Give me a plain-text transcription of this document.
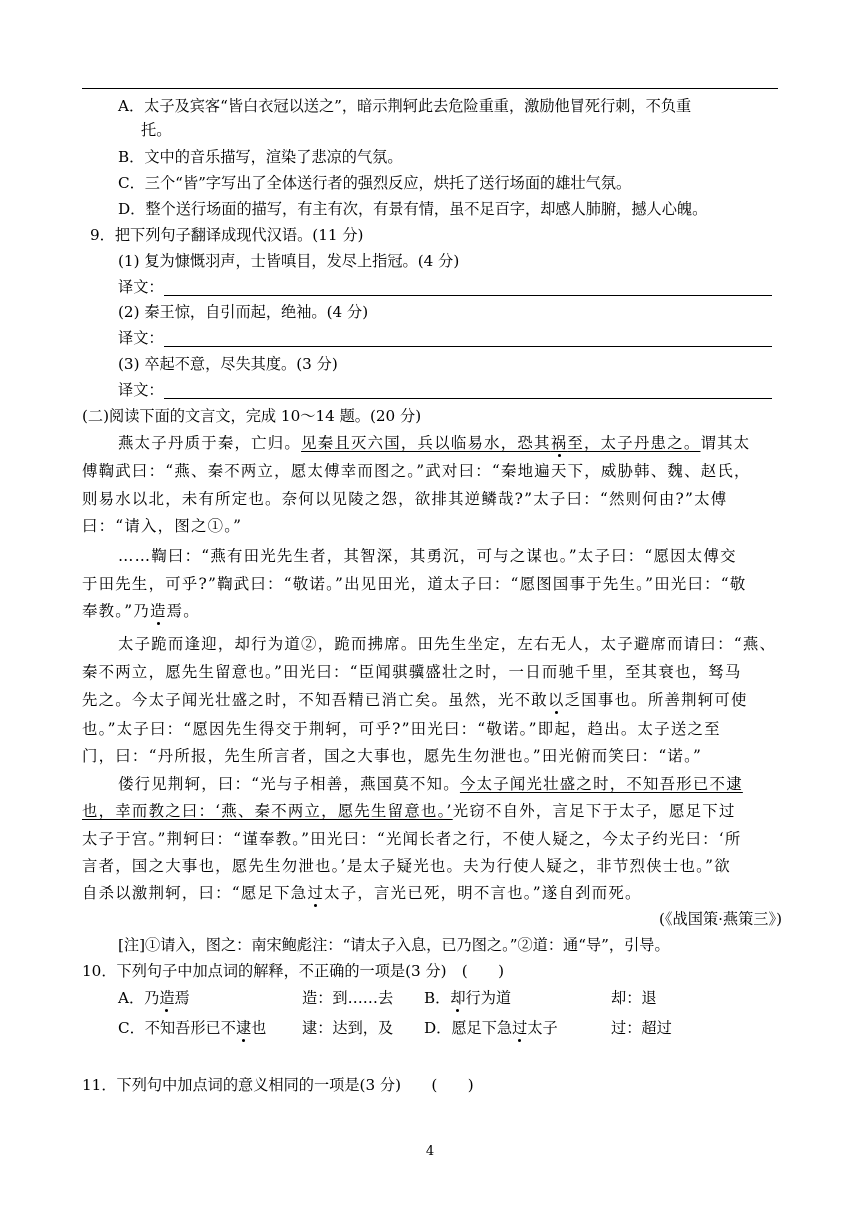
A．太子及宾客“皆白衣冠以送之”，暗示荆轲此去危险重重，激励他冒死行刺，不负重
托。
B．文中的音乐描写，渲染了悲凉的气氛。
C．三个“皆”字写出了全体送行者的强烈反应，烘托了送行场面的雄壮气氛。
D．整个送行场面的描写，有主有次，有景有情，虽不足百字，却感人肺腑，撼人心魄。
9．把下列句子翻译成现代汉语。(11 分)
(1) 复为慷慨羽声，士皆嗔目，发尽上指冠。(4 分)
译文：
(2) 秦王惊，自引而起，绝袖。(4 分)
译文：
(3) 卒起不意，尽失其度。(3 分)
译文：
(二)阅读下面的文言文，完成 10～14 题。(20 分)
燕太子丹质于秦，亡归。见秦且灭六国，兵以临易水，恐其祸至，太子丹患之。谓其太
傅鞫武曰：“燕、秦不两立，愿太傅幸而图之。”武对曰：“秦地遍天下，威胁韩、魏、赵氏，
则易水以北，未有所定也。奈何以见陵之怨，欲排其逆鳞哉?”太子曰：“然则何由?”太傅
曰：“请入，图之①。”
……鞫曰：“燕有田光先生者，其智深，其勇沉，可与之谋也。”太子曰：“愿因太傅交
于田先生，可乎?”鞫武曰：“敬诺。”出见田光，道太子曰：“愿图国事于先生。”田光曰：“敬
奉教。”乃造焉。
太子跪而逢迎，却行为道②，跪而拂席。田先生坐定，左右无人，太子避席而请曰：“燕、
秦不两立，愿先生留意也。”田光曰：“臣闻骐骥盛壮之时，一日而驰千里，至其衰也，驽马
先之。今太子闻光壮盛之时，不知吾精已消亡矣。虽然，光不敢以乏国事也。所善荆轲可使
也。”太子曰：“愿因先生得交于荆轲，可乎?”田光曰：“敬诺。”即起，趋出。太子送之至
门，曰：“丹所报，先生所言者，国之大事也，愿先生勿泄也。”田光俯而笑曰：“诺。”
偻行见荆轲，曰：“光与子相善，燕国莫不知。今太子闻光壮盛之时，不知吾形已不逮
也，幸而教之曰：‘燕、秦不两立，愿先生留意也。’光窃不自外，言足下于太子，愿足下过
太子于宫。”荆轲曰：“谨奉教。”田光曰：“光闻长者之行，不使人疑之，今太子约光曰：‘所
言者，国之大事也，愿先生勿泄也。’是太子疑光也。夫为行使人疑之，非节烈侠士也。”欲
自杀以激荆轲，曰：“愿足下急过太子，言光已死，明不言也。”遂自刭而死。
(《战国策·燕策三》)
[注]①请入，图之：南宋鲍彪注：“请太子入息，已乃图之。”②道：通“导”，引导。
10．下列句子中加点词的解释，不正确的一项是(3 分)　(　　)
A．乃造焉	造：到……去 B．却行为道	却：退
C．不知吾形已不逮也 逮：达到，及 D．愿足下急过太子	过：超过
11．下列句中加点词的意义相同的一项是(3 分)　　(　　)
4
